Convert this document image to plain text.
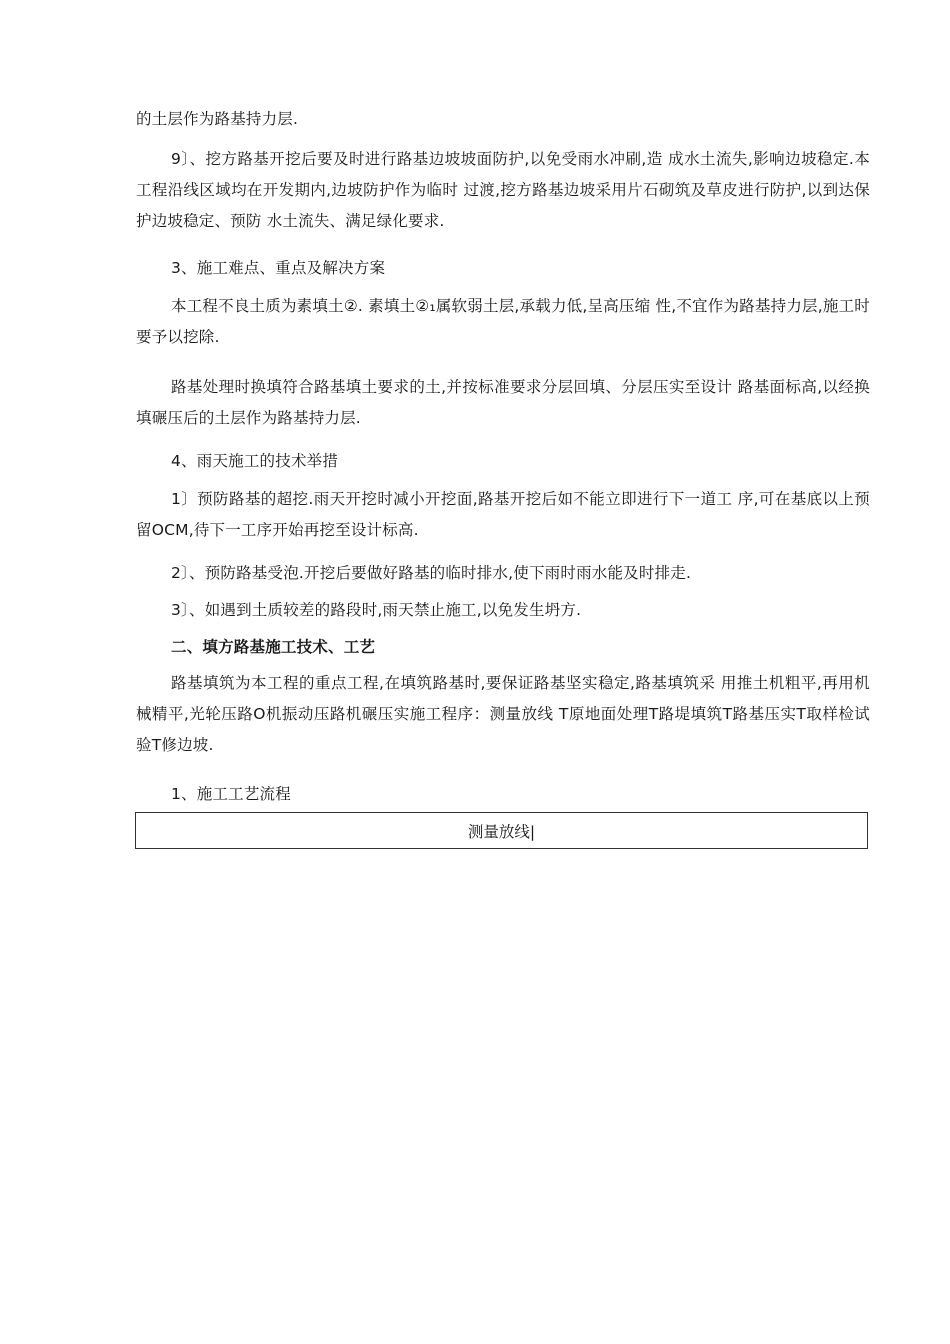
的土层作为路基持力层.

9〕、挖方路基开挖后要及时进行路基边坡坡面防护,以免受雨水冲刷,造 成水土流失,影响边坡稳定.本工程沿线区域均在开发期内,边坡防护作为临时 过渡,挖方路基边坡采用片石砌筑及草皮进行防护,以到达保护边坡稳定、预防 水土流失、满足绿化要求.

3、施工难点、重点及解决方案

本工程不良土质为素填土②. 素填土②₁属软弱土层,承载力低,呈高压缩 性,不宜作为路基持力层,施工时要予以挖除.

路基处理时换填符合路基填土要求的土,并按标准要求分层回填、分层压实至设计 路基面标高,以经换填碾压后的土层作为路基持力层.

4、雨天施工的技术举措

1〕预防路基的超挖.雨天开挖时减小开挖面,路基开挖后如不能立即进行下一道工 序,可在基底以上预留OCM,待下一工序开始再挖至设计标高.

2〕、预防路基受泡.开挖后要做好路基的临时排水,使下雨时雨水能及时排走.

3〕、如遇到土质较差的路段时,雨天禁止施工,以免发生坍方.

二、填方路基施工技术、工艺

路基填筑为本工程的重点工程,在填筑路基时,要保证路基坚实稳定,路基填筑采 用推土机粗平,再用机械精平,光轮压路O机振动压路机碾压实施工程序：测量放线 T原地面处理T路堤填筑T路基压实T取样检试验T修边坡.

1、施工工艺流程

测量放线|
